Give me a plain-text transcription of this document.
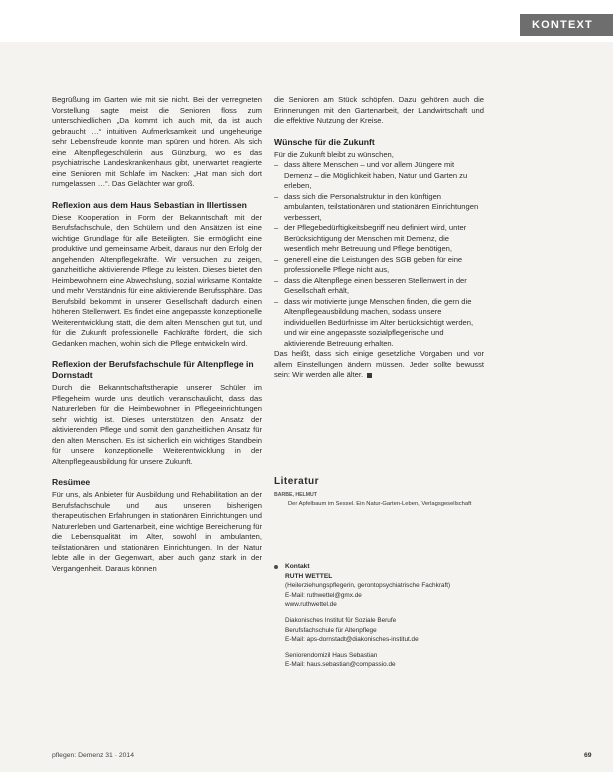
KONTEXT

Begrüßung im Garten wie mit sie nicht. Bei der verregneten Vorstellung sagte meist die Senioren floss zum unterschiedlichen „Da kommt ich auch mit, da ist auch gebraucht …“ intuitiven Aufmerksamkeit und ungeheurige sehr Lebensfreude konnte man spüren und hören. Als sich eine Altenpflegeschülerin aus Günzburg, wo es das psychiatrische Landeskrankenhaus gibt, unerwartet reagierte eine Senioren mit Schlafe im Nacken: „Hat man sich dort rumgelassen …“. Das Gelächter war groß.

Reflexion aus dem Haus Sebastian in Illertissen

Diese Kooperation in Form der Bekanntschaft mit der Berufsfachschule, den Schülern und den Ansätzen ist eine wichtige Grundlage für alle Beteiligten. Sie ermöglicht eine produktive und gemeinsame Arbeit, daraus nur den Erfolg der angehenden Altenpflegekräfte. Wir versuchen zu zeigen, ganzheitliche aktivierende Pflege zu leisten. Dieses bietet den Heimbewohnern eine Abwechslung, sozial wirksame Kontakte und mehr Verständnis für eine aktivierende Berufssphäre. Das Berufsbild bekommt in unserer Gesellschaft dadurch einen höheren Stellenwert. Es findet eine angepasste konzeptionelle Weiterentwicklung statt, die dem alten Menschen gut tut, und für die Zukunft professionelle Fachkräfte fördert, die sich Gedanken machen, wohin sich die Pflege entwickeln wird.

Reflexion der Berufsfachschule für Altenpflege in Dornstadt

Durch die Bekanntschaftstherapie unserer Schüler im Pflegeheim wurde uns deutlich veranschaulicht, dass das Naturerleben für die Heimbewohner in Pflegeeinrichtungen sehr wichtig ist. Dieses unterstützen den Ansatz der aktivierenden Pflege und somit den ganzheitlichen Ansatz für den alten Menschen. Es ist sicherlich ein wichtiges Standbein für unsere konzeptionelle Weiterentwicklung in der Altenpflegeausbildung für unsere Zukunft.

Resümee

Für uns, als Anbieter für Ausbildung und Rehabilitation an der Berufsfachschule und aus unseren bisherigen therapeutischen Erfahrungen in stationären Einrichtungen und Naturerleben und Gartenarbeit, eine wichtige Bereicherung für die Lebensqualität im Alter, sowohl in ambulanten, teilstationären und stationären Einrichtungen. In der Natur lebte alle in der Gegenwart, aber auch ganz stark in der Vergangenheit. Daraus können

die Senioren am Stück schöpfen. Dazu gehören auch die Erinnerungen mit den Gartenarbeit, der Landwirtschaft und die effektive Nutzung der Kreise.

Wünsche für die Zukunft

Für die Zukunft bleibt zu wünschen,

– dass ältere Menschen – und vor allem Jüngere mit Demenz – die Möglichkeit haben, Natur und Garten zu erleben,
– dass sich die Personalstruktur in den künftigen ambulanten, teilstationären und stationären Einrichtungen verbessert,
– der Pflegebedürftigkeitsbegriff neu definiert wird, unter Berücksichtigung der Menschen mit Demenz, die wesentlich mehr Betreuung und Pflege benötigen,
– generell eine die Leistungen des SGB geben für eine professionelle Pflege nicht aus,
– dass die Altenpflege einen besseren Stellenwert in der Gesellschaft erhält,
– dass wir motivierte junge Menschen finden, die gern die Altenpflegeausbildung machen, sodass unsere individuellen Bedürfnisse im Alter berücksichtigt werden, und wir eine angepasste sozialpflegerische und aktivierende Betreuung erhalten.

Das heißt, dass sich einige gesetzliche Vorgaben und vor allem Einstellungen ändern müssen. Jeder sollte bewusst sein: Wir werden alle älter.

Literatur
BARBE, HELMUT
Der Apfelbaum im Sessel. Ein Natur-Garten-Leben, Verlagsgesellschaft
Kontakt
RUTH WETTEL
(Heilerziehungspflegerin, gerontopsychiatrische Fachkraft)
E-Mail: ruthwettel@gmx.de
www.ruthwettel.de
Diakonisches Institut für Soziale Berufe
Berufsfachschule für Altenpflege
E-Mail: aps-dornstadt@diakonisches-institut.de
Seniorendomizil Haus Sebastian
E-Mail: haus.sebastian@compassio.de
pflegen: Demenz 31 · 2014	69
